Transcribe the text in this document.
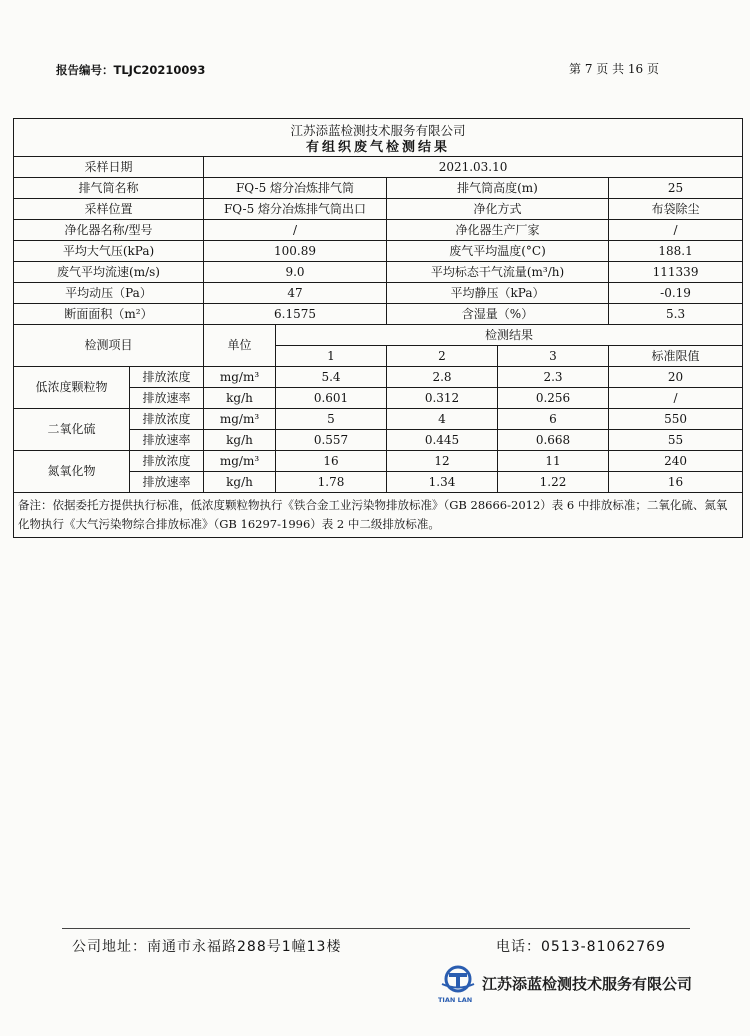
报告编号：TLJC20210093	第 7 页 共 16 页
江苏添蓝检测技术服务有限公司						
有组织废气检测结果						
采样日期		2021.03.10				
排气筒名称		FQ-5 熔分冶炼排气筒		排气筒高度(m)		25
采样位置		FQ-5 熔分冶炼排气筒出口		净化方式		布袋除尘
净化器名称/型号		/		净化器生产厂家		/
平均大气压(kPa)		100.89		废气平均温度(°C)		188.1
废气平均流速(m/s)		9.0		平均标态干气流量(m³/h)		111339
平均动压（Pa）		47		平均静压（kPa）		-0.19
断面面积（m²）		6.1575		含湿量（%）		5.3
检测项目		单位	检测结果			
			1	2	3	标准限值
低浓度颗粒物	排放浓度	mg/m³	5.4	2.8	2.3	20
	排放速率	kg/h	0.601	0.312	0.256	/
二氧化硫	排放浓度	mg/m³	5	4	6	550
	排放速率	kg/h	0.557	0.445	0.668	55
氮氧化物	排放浓度	mg/m³	16	12	11	240
	排放速率	kg/h	1.78	1.34	1.22	16
备注：依据委托方提供执行标准，低浓度颗粒物执行《铁合金工业污染物排放标准》（GB 28666-2012）表 6 中排放标准；二氧化硫、氮氧化物执行《大气污染物综合排放标准》（GB 16297-1996）表 2 中二级排放标准。						
公司地址：南通市永福路288号1幢13楼	电话：0513-81062769
TIAN LAN
江苏添蓝检测技术服务有限公司
